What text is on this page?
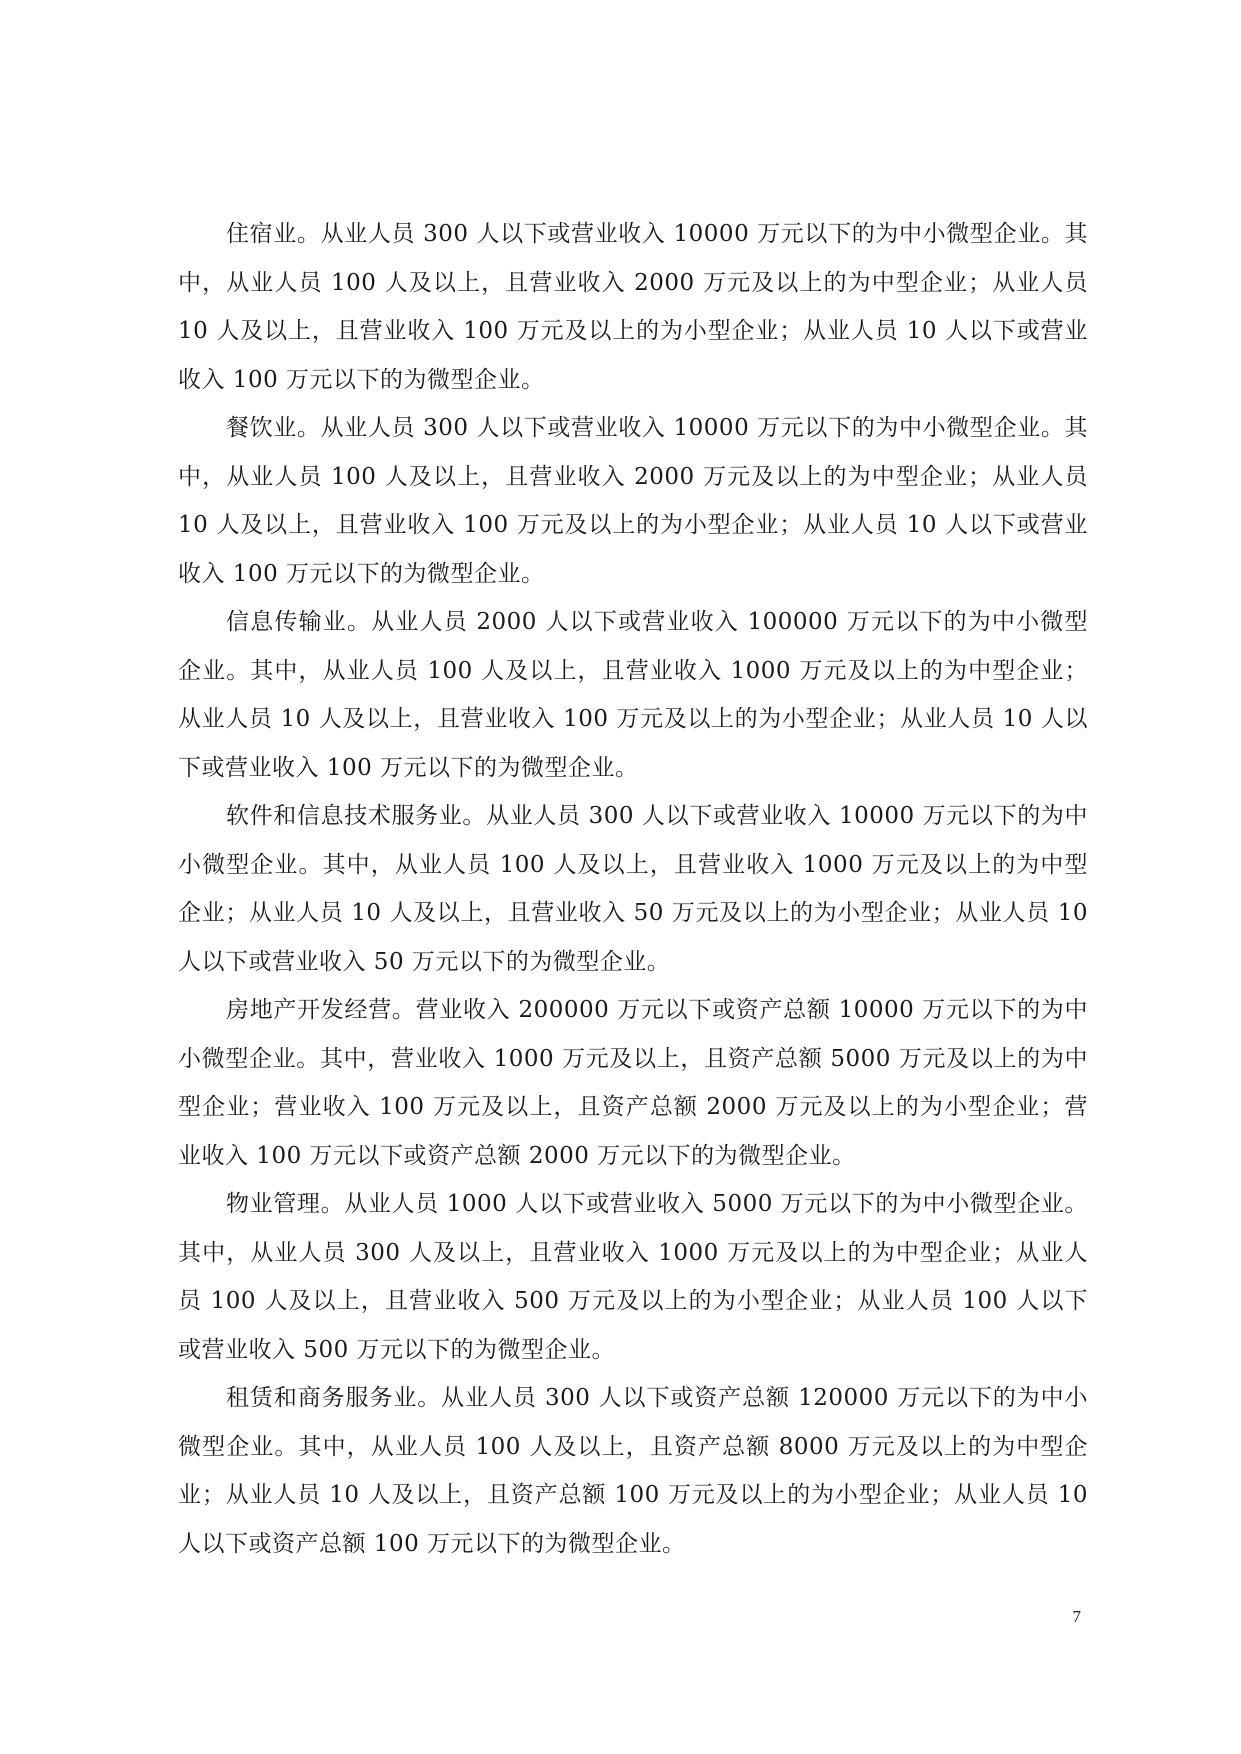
住宿业。从业人员 300 人以下或营业收入 10000 万元以下的为中小微型企业。其中，从业人员 100 人及以上，且营业收入 2000 万元及以上的为中型企业；从业人员 10 人及以上，且营业收入 100 万元及以上的为小型企业；从业人员 10 人以下或营业收入 100 万元以下的为微型企业。

餐饮业。从业人员 300 人以下或营业收入 10000 万元以下的为中小微型企业。其中，从业人员 100 人及以上，且营业收入 2000 万元及以上的为中型企业；从业人员 10 人及以上，且营业收入 100 万元及以上的为小型企业；从业人员 10 人以下或营业收入 100 万元以下的为微型企业。

信息传输业。从业人员 2000 人以下或营业收入 100000 万元以下的为中小微型企业。其中，从业人员 100 人及以上，且营业收入 1000 万元及以上的为中型企业；从业人员 10 人及以上，且营业收入 100 万元及以上的为小型企业；从业人员 10 人以下或营业收入 100 万元以下的为微型企业。

软件和信息技术服务业。从业人员 300 人以下或营业收入 10000 万元以下的为中小微型企业。其中，从业人员 100 人及以上，且营业收入 1000 万元及以上的为中型企业；从业人员 10 人及以上，且营业收入 50 万元及以上的为小型企业；从业人员 10 人以下或营业收入 50 万元以下的为微型企业。

房地产开发经营。营业收入 200000 万元以下或资产总额 10000 万元以下的为中小微型企业。其中，营业收入 1000 万元及以上，且资产总额 5000 万元及以上的为中型企业；营业收入 100 万元及以上，且资产总额 2000 万元及以上的为小型企业；营业收入 100 万元以下或资产总额 2000 万元以下的为微型企业。

物业管理。从业人员 1000 人以下或营业收入 5000 万元以下的为中小微型企业。其中，从业人员 300 人及以上，且营业收入 1000 万元及以上的为中型企业；从业人员 100 人及以上，且营业收入 500 万元及以上的为小型企业；从业人员 100 人以下或营业收入 500 万元以下的为微型企业。

租赁和商务服务业。从业人员 300 人以下或资产总额 120000 万元以下的为中小微型企业。其中，从业人员 100 人及以上，且资产总额 8000 万元及以上的为中型企业；从业人员 10 人及以上，且资产总额 100 万元及以上的为小型企业；从业人员 10 人以下或资产总额 100 万元以下的为微型企业。

7
